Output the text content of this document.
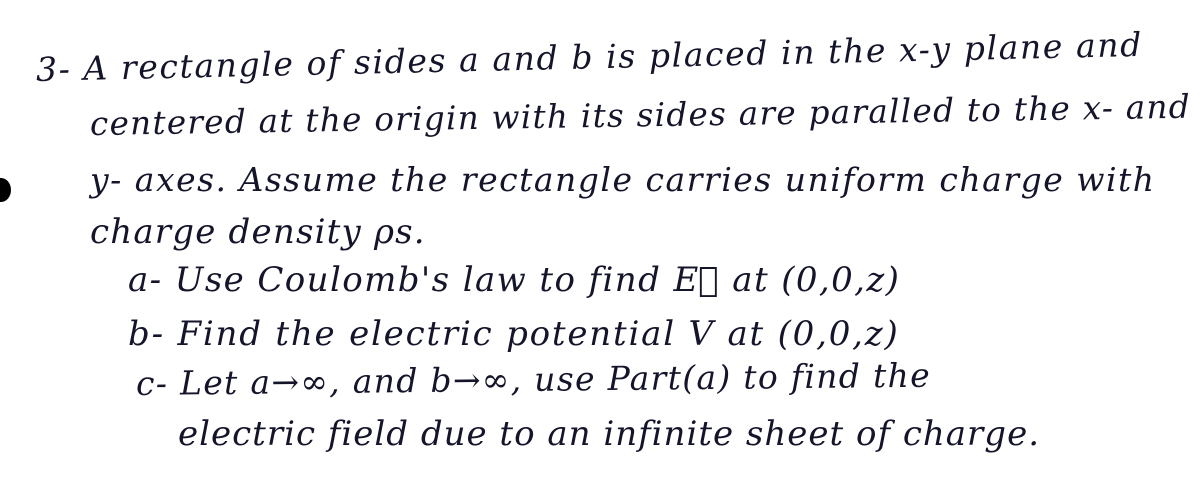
3- A rectangle of sides a and b is placed in the x-y plane and
centered at the origin with its sides are paralled to the x- and
y- axes. Assume the rectangle carries uniform charge with
charge density ρs.
a- Use Coulomb's law to find E⃗ at (0,0,z)
b- Find the electric potential V at (0,0,z)
c- Let a→∞, and b→∞, use Part(a) to find the
electric field due to an infinite sheet of charge.
